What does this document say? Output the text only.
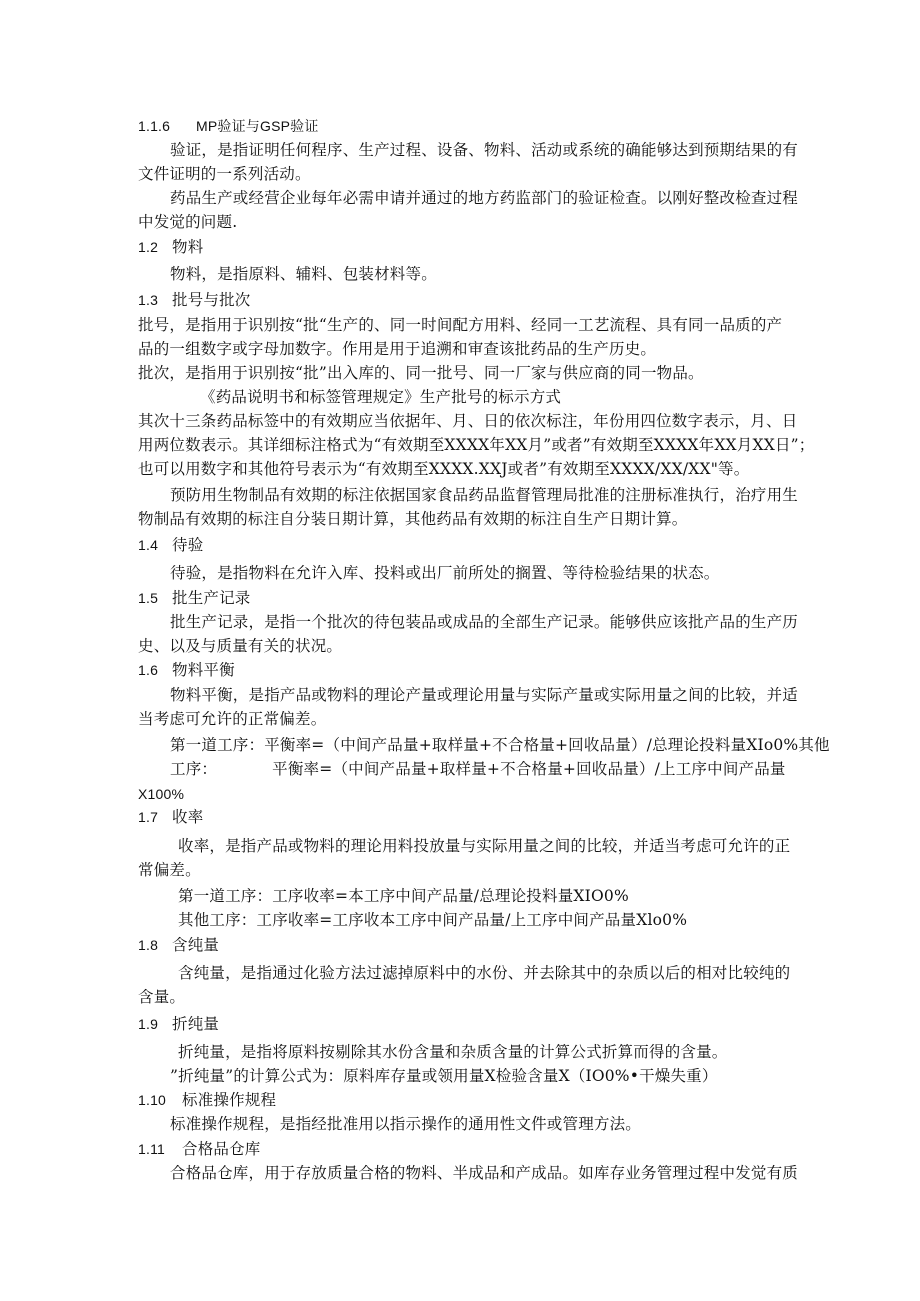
1.1.6 MP验证与GSP验证
验证，是指证明任何程序、生产过程、设备、物料、活动或系统的确能够达到预期结果的有
文件证明的一系列活动。
药品生产或经营企业每年必需申请并通过的地方药监部门的验证检查。以刚好整改检查过程
中发觉的问题.
1.2 物料
物料，是指原料、辅料、包装材料等。
1.3 批号与批次
批号，是指用于识别按“批“生产的、同一时间配方用料、经同一工艺流程、具有同一品质的产
品的一组数字或字母加数字。作用是用于追溯和审查该批药品的生产历史。
批次，是指用于识别按“批”出入库的、同一批号、同一厂家与供应商的同一物品。
《药品说明书和标签管理规定》生产批号的标示方式
其次十三条药品标签中的有效期应当依据年、月、日的依次标注，年份用四位数字表示，月、日
用两位数表示。其详细标注格式为“有效期至XXXX年XX月”或者”有效期至XXXX年XX月XX日”；
也可以用数字和其他符号表示为“有效期至XXXX.XXJ或者”有效期至XXXX/XX/XX"等。
预防用生物制品有效期的标注依据国家食品药品监督管理局批准的注册标准执行，治疗用生
物制品有效期的标注自分装日期计算，其他药品有效期的标注自生产日期计算。
1.4 待验
待验，是指物料在允许入库、投料或出厂前所处的搁置、等待检验结果的状态。
1.5 批生产记录
批生产记录，是指一个批次的待包装品或成品的全部生产记录。能够供应该批产品的生产历
史、以及与质量有关的状况。
1.6 物料平衡
物料平衡，是指产品或物料的理论产量或理论用量与实际产量或实际用量之间的比较，并适
当考虑可允许的正常偏差。
第一道工序：平衡率=（中间产品量+取样量+不合格量+回收品量）/总理论投料量XIo0%其他
工序：　　　　平衡率=（中间产品量+取样量+不合格量+回收品量）/上工序中间产品量
X100%
1.7 收率
收率，是指产品或物料的理论用料投放量与实际用量之间的比较，并适当考虑可允许的正
常偏差。
第一道工序：工序收率=本工序中间产品量/总理论投料量XIO0%
其他工序：工序收率=工序收本工序中间产品量/上工序中间产品量Xlo0%
1.8 含纯量
含纯量，是指通过化验方法过滤掉原料中的水份、并去除其中的杂质以后的相对比较纯的
含量。
1.9 折纯量
折纯量，是指将原料按剔除其水份含量和杂质含量的计算公式折算而得的含量。
”折纯量”的计算公式为：原料库存量或领用量X检验含量X（IO0%•干燥失重）
1.10 标准操作规程
标准操作规程，是指经批准用以指示操作的通用性文件或管理方法。
1.11 合格品仓库
合格品仓库，用于存放质量合格的物料、半成品和产成品。如库存业务管理过程中发觉有质
